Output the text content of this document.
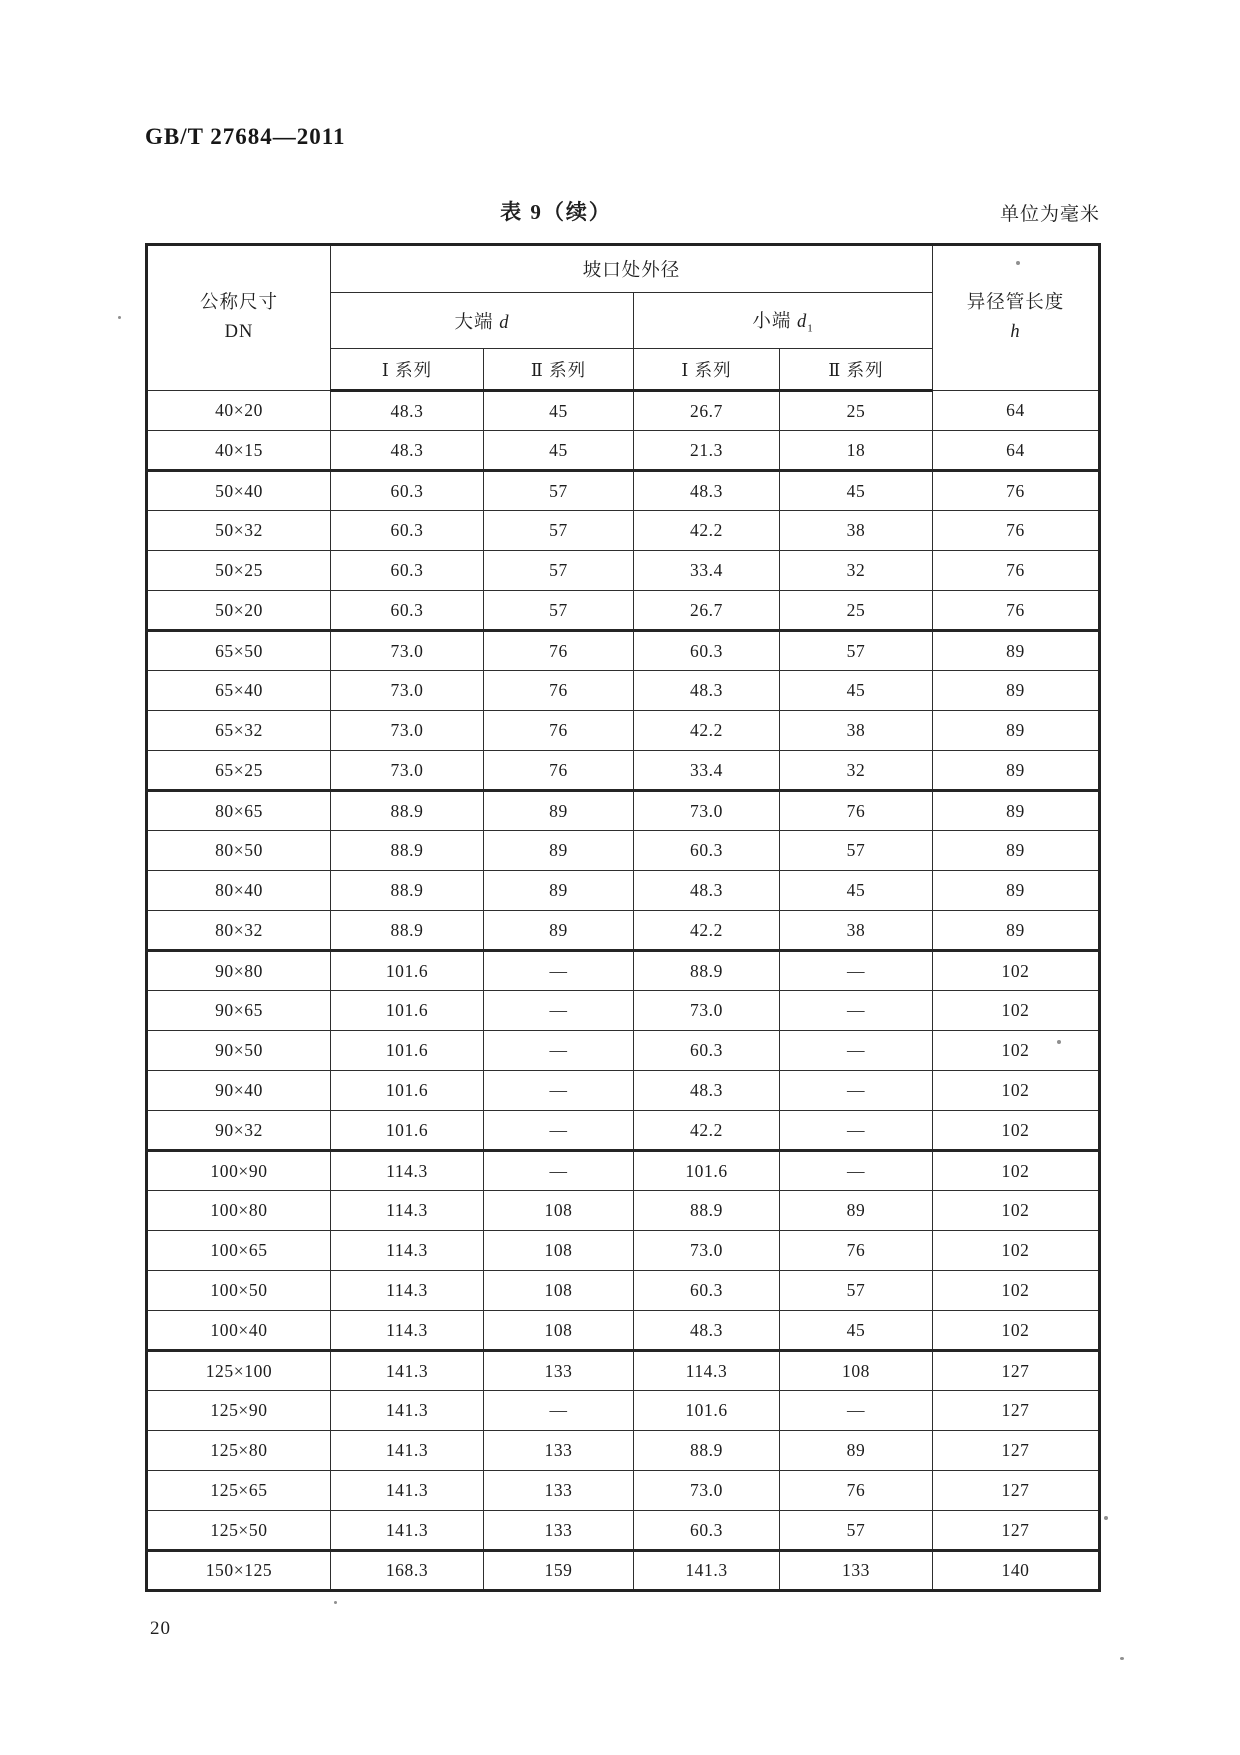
GB/T 27684—2011
表 9（续）	单位为毫米
公称尺寸
DN
	坡口处外径	
异径管长度
h

	大端 d		小端 $d_1$
	Ⅰ 系列	Ⅱ 系列	Ⅰ 系列	Ⅱ 系列	
40×20	48.3	45	26.7	25	64
40×15	48.3	45	21.3	18	64
50×40	60.3	57	48.3	45	76
50×32	60.3	57	42.2	38	76
50×25	60.3	57	33.4	32	76
50×20	60.3	57	26.7	25	76
65×50	73.0	76	60.3	57	89
65×40	73.0	76	48.3	45	89
65×32	73.0	76	42.2	38	89
65×25	73.0	76	33.4	32	89
80×65	88.9	89	73.0	76	89
80×50	88.9	89	60.3	57	89
80×40	88.9	89	48.3	45	89
80×32	88.9	89	42.2	38	89
90×80	101.6	—	88.9	—	102
90×65	101.6	—	73.0	—	102
90×50	101.6	—	60.3	—	102
90×40	101.6	—	48.3	—	102
90×32	101.6	—	42.2	—	102
100×90	114.3	—	101.6	—	102
100×80	114.3	108	88.9	89	102
100×65	114.3	108	73.0	76	102
100×50	114.3	108	60.3	57	102
100×40	114.3	108	48.3	45	102
125×100	141.3	133	114.3	108	127
125×90	141.3	—	101.6	—	127
125×80	141.3	133	88.9	89	127
125×65	141.3	133	73.0	76	127
125×50	141.3	133	60.3	57	127
150×125	168.3	159	141.3	133	140
20
